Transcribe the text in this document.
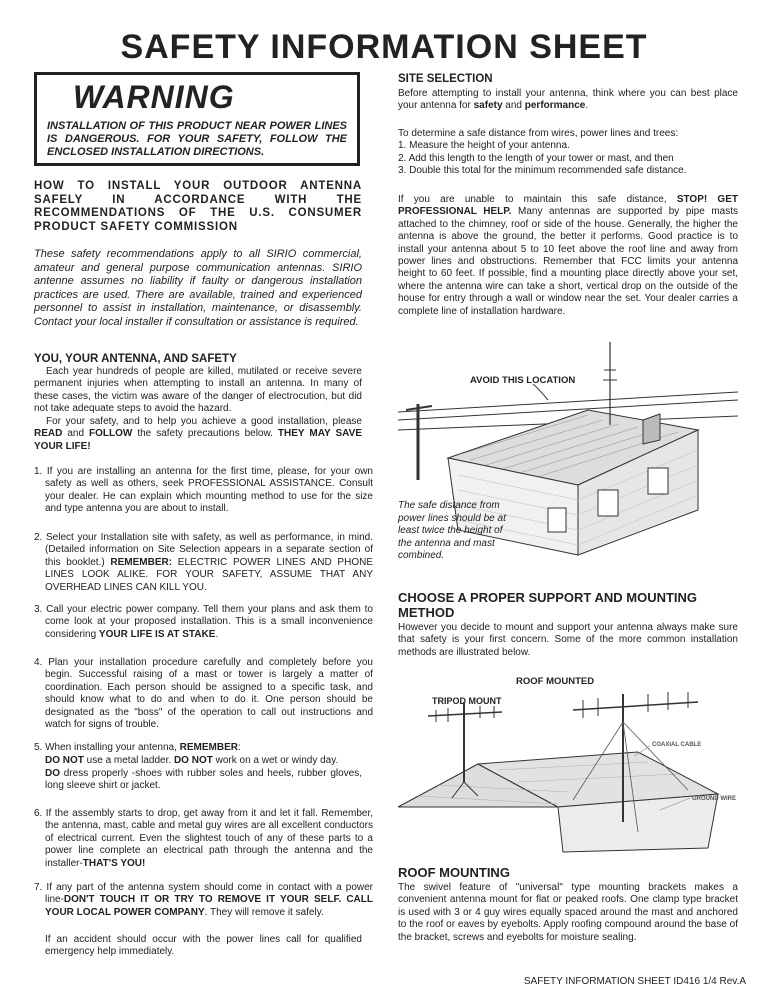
SAFETY INFORMATION SHEET
WARNING
INSTALLATION OF THIS PRODUCT NEAR POWER LINES IS DANGEROUS. FOR YOUR SAFETY, FOLLOW THE ENCLOSED INSTALLATION DIRECTIONS.
HOW TO INSTALL YOUR OUTDOOR ANTENNA SAFELY IN ACCORDANCE WITH THE RECOMMENDATIONS OF THE U.S. CONSUMER PRODUCT SAFETY COMMISSION
These safety recommendations apply to all SIRIO commercial, amateur and general purpose communication antennas. SIRIO antenne assumes no liability if faulty or dangerous installation practices are used. There are available, trained and experienced personnel to assist in installation, maintenance, or disassembly. Contact your local installer if consultation or assistance is required.
YOU, YOUR ANTENNA, AND SAFETY
Each year hundreds of people are killed, mutilated or receive severe permanent injuries when attempting to install an antenna. In many of these cases, the victim was aware of the danger of electrocution, but did not take adequate steps to avoid the hazard.
For your safety, and to help you achieve a good installation, please READ and FOLLOW the safety precautions below. THEY MAY SAVE YOUR LIFE!
1. If you are installing an antenna for the first time, please, for your own safety as well as others, seek PROFESSIONAL ASSISTANCE. Consult your dealer. He can explain which mounting method to use for the size and type antenna you are about to install.
2. Select your Installation site with safety, as well as performance, in mind. (Detailed information on Site Selection appears in a separate section of this booklet.) REMEMBER: ELECTRIC POWER LINES AND PHONE LINES LOOK ALIKE. FOR YOUR SAFETY, ASSUME THAT ANY OVERHEAD LINES CAN KILL YOU.
3. Call your electric power company. Tell them your plans and ask them to come look at your proposed installation. This is a small inconvenience considering YOUR LIFE IS AT STAKE.
4. Plan your installation procedure carefully and completely before you begin. Successful raising of a mast or tower is largely a matter of coordination. Each person should be assigned to a specific task, and should know what to do and when to do it. One person should be designated as the "boss" of the operation to call out instructions and watch for signs of trouble.
5. When installing your antenna, REMEMBER:
DO NOT use a metal ladder. DO NOT work on a wet or windy day.
DO dress properly -shoes with rubber soles and heels, rubber gloves, long sleeve shirt or jacket.
6. If the assembly starts to drop, get away from it and let it fall. Remember, the antenna, mast, cable and metal guy wires are all excellent conductors of electrical current. Even the slightest touch of any of these parts to a power line complete an electrical path through the antenna and the installer-THAT'S YOU!
7. If any part of the antenna system should come in contact with a power line-DON'T TOUCH IT OR TRY TO REMOVE IT YOUR SELF. CALL YOUR LOCAL POWER COMPANY. They will remove it safely.
If an accident should occur with the power lines call for qualified emergency help immediately.
SITE SELECTION
Before attempting to install your antenna, think where you can best place your antenna for safety and performance.
To determine a safe distance from wires, power lines and trees:
1. Measure the height of your antenna.
2. Add this length to the length of your tower or mast, and then
3. Double this total for the minimum recommended safe distance.
If you are unable to maintain this safe distance, STOP! GET PROFESSIONAL HELP. Many antennas are supported by pipe masts attached to the chimney, roof or side of the house. Generally, the higher the antenna is above the ground, the better it performs. Good practice is to install your antenna about 5 to 10 feet above the roof line and away from power lines and obstructions. Remember that FCC limits your antenna height to 60 feet. If possible, find a mounting place directly above your set, where the antenna wire can take a short, vertical drop on the outside of the house for entry through a wall or window near the set. Your dealer carries a complete line of installation hardware.
AVOID THIS LOCATION
The safe distance from power lines should be at least twice the height of the antenna and mast combined.
CHOOSE A PROPER SUPPORT AND MOUNTING METHOD
However you decide to mount and support your antenna always make sure that safety is your first concern. Some of the more common installation methods are illustrated below.
ROOF MOUNTED
TRIPOD MOUNT
COAXIAL CABLE
GROUND WIRE
ROOF MOUNTING
The swivel feature of "universal" type mounting brackets makes a convenient antenna mount for flat or peaked roofs. One clamp type bracket is used with 3 or 4 guy wires equally spaced around the mast and anchored to the roof or eaves by eyebolts. Apply roofing compound around the base of the bracket, screws and eyebolts for moisture sealing.
SAFETY INFORMATION SHEET ID416 1/4 Rev.A
